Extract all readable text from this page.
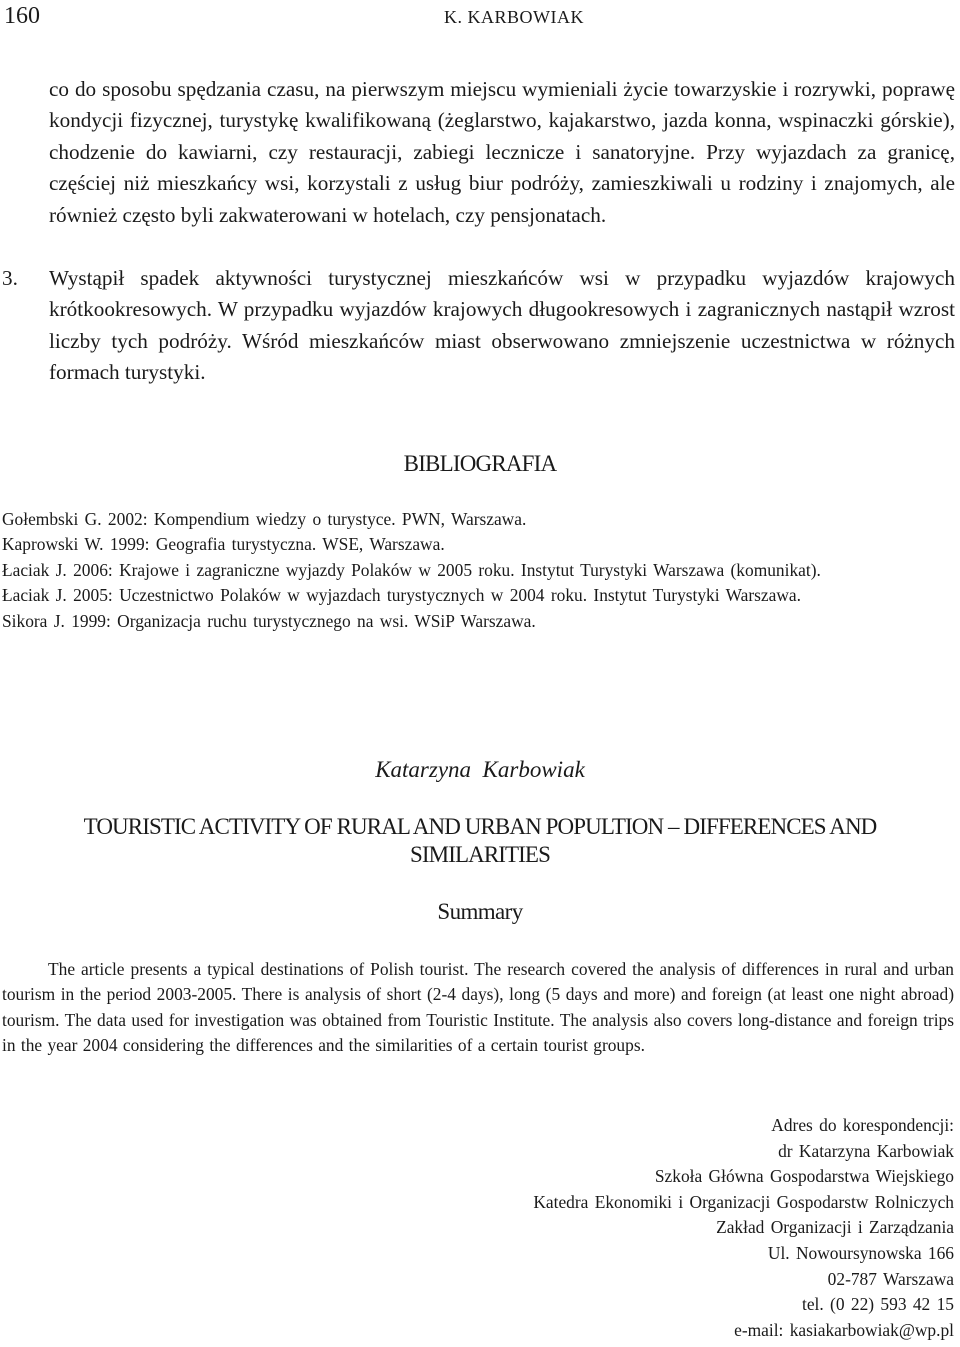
160	K. KARBOWIAK

co do sposobu spędzania czasu, na pierwszym miejscu wymieniali życie towarzyskie i rozrywki, poprawę kondycji fizycznej, turystykę kwalifikowaną (żeglarstwo, kajakarstwo, jazda konna, wspinaczki górskie), chodzenie do kawiarni, czy restauracji, zabiegi lecznicze i sanatoryjne. Przy wyjazdach za granicę, częściej niż mieszkańcy wsi, korzystali z usług biur podróży, zamieszkiwali u rodziny i znajomych, ale również często byli zakwaterowani w hotelach, czy pensjonatach.

3. Wystąpił spadek aktywności turystycznej mieszkańców wsi w przypadku wyjazdów krajowych krótkookresowych. W przypadku wyjazdów krajowych długookresowych i zagranicznych nastąpił wzrost liczby tych podróży. Wśród mieszkańców miast obserwowano zmniejszenie uczestnictwa w różnych formach turystyki.
BIBLIOGRAFIA
Gołembski G. 2002: Kompendium wiedzy o turystyce. PWN, Warszawa.
Kaprowski W. 1999: Geografia turystyczna. WSE, Warszawa.
Łaciak J. 2006: Krajowe i zagraniczne wyjazdy Polaków w 2005 roku. Instytut Turystyki Warszawa (komunikat).
Łaciak J. 2005: Uczestnictwo Polaków w wyjazdach turystycznych w 2004 roku. Instytut Turystyki Warszawa.
Sikora J. 1999: Organizacja ruchu turystycznego na wsi. WSiP Warszawa.
Katarzyna  Karbowiak
TOURISTIC ACTIVITY OF RURAL AND URBAN POPULTION – DIFFERENCES AND SIMILARITIES
Summary

The article presents a typical destinations of Polish tourist. The research covered the analysis of differences in rural and urban tourism in the period 2003-2005. There is analysis of short (2-4 days), long (5 days and more) and foreign (at least one night abroad) tourism. The data used for investigation was obtained from Touristic Institute. The analysis also covers long-distance and foreign trips in the year 2004 considering the differences and the similarities of a certain tourist groups.

Adres do korespondencji:
dr Katarzyna Karbowiak
Szkoła Główna Gospodarstwa Wiejskiego
Katedra Ekonomiki i Organizacji Gospodarstw Rolniczych
Zakład Organizacji i Zarządzania
Ul. Nowoursynowska 166
02-787 Warszawa
tel. (0 22) 593 42 15
e-mail: kasiakarbowiak@wp.pl
